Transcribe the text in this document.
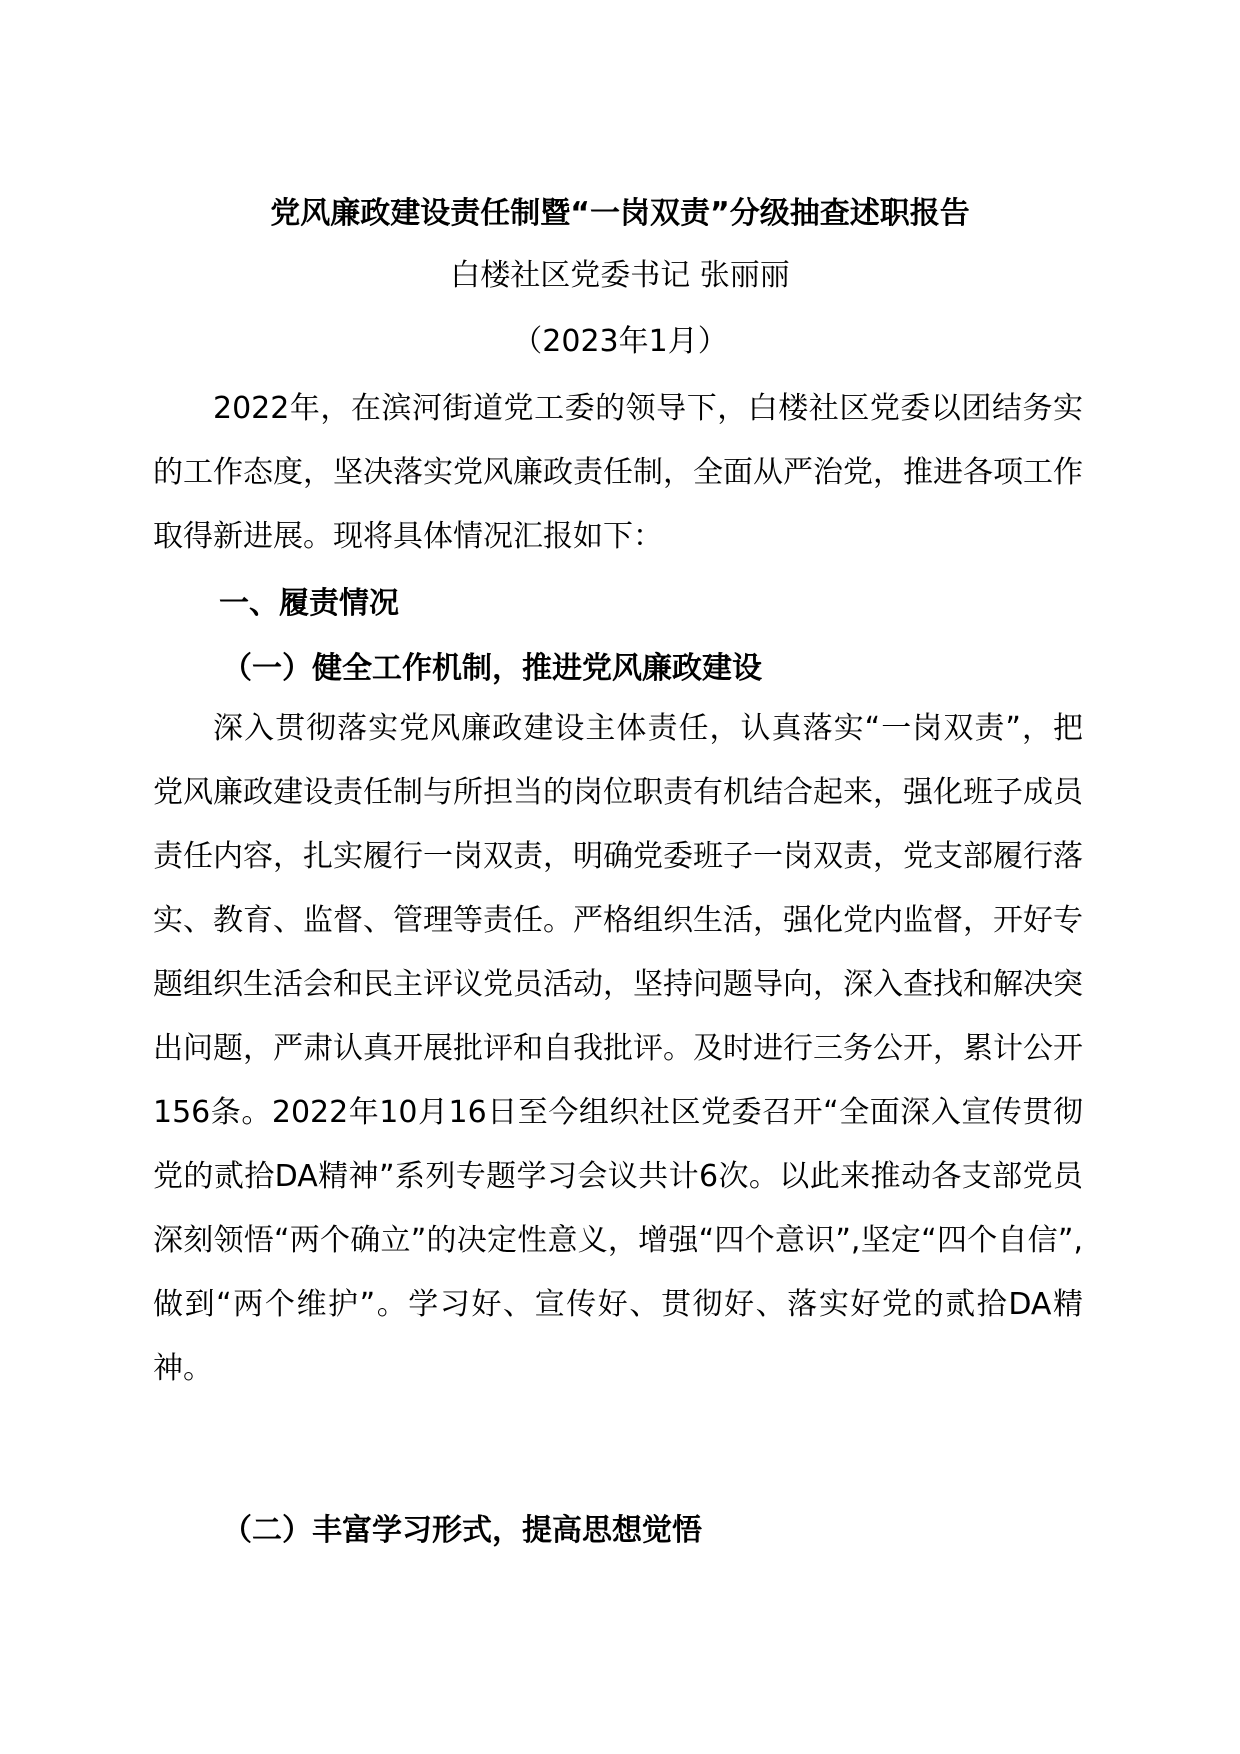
党风廉政建设责任制暨“一岗双责”分级抽查述职报告
白楼社区党委书记 张丽丽
（2023年1月）

2022年，在滨河街道党工委的领导下，白楼社区党委以团结务实的工作态度，坚决落实党风廉政责任制，全面从严治党，推进各项工作取得新进展。现将具体情况汇报如下：

一、履责情况
（一）健全工作机制，推进党风廉政建设

深入贯彻落实党风廉政建设主体责任，认真落实“一岗双责”，把党风廉政建设责任制与所担当的岗位职责有机结合起来，强化班子成员责任内容，扎实履行一岗双责，明确党委班子一岗双责，党支部履行落实、教育、监督、管理等责任。严格组织生活，强化党内监督，开好专题组织生活会和民主评议党员活动，坚持问题导向，深入查找和解决突出问题，严肃认真开展批评和自我批评。及时进行三务公开，累计公开156条。2022年10月16日至今组织社区党委召开“全面深入宣传贯彻党的贰拾DA精神”系列专题学习会议共计6次。以此来推动各支部党员深刻领悟“两个确立”的决定性意义，增强“四个意识”,坚定“四个自信”,做到“两个维护”。学习好、宣传好、贯彻好、落实好党的贰拾DA精神。

（二）丰富学习形式，提高思想觉悟
